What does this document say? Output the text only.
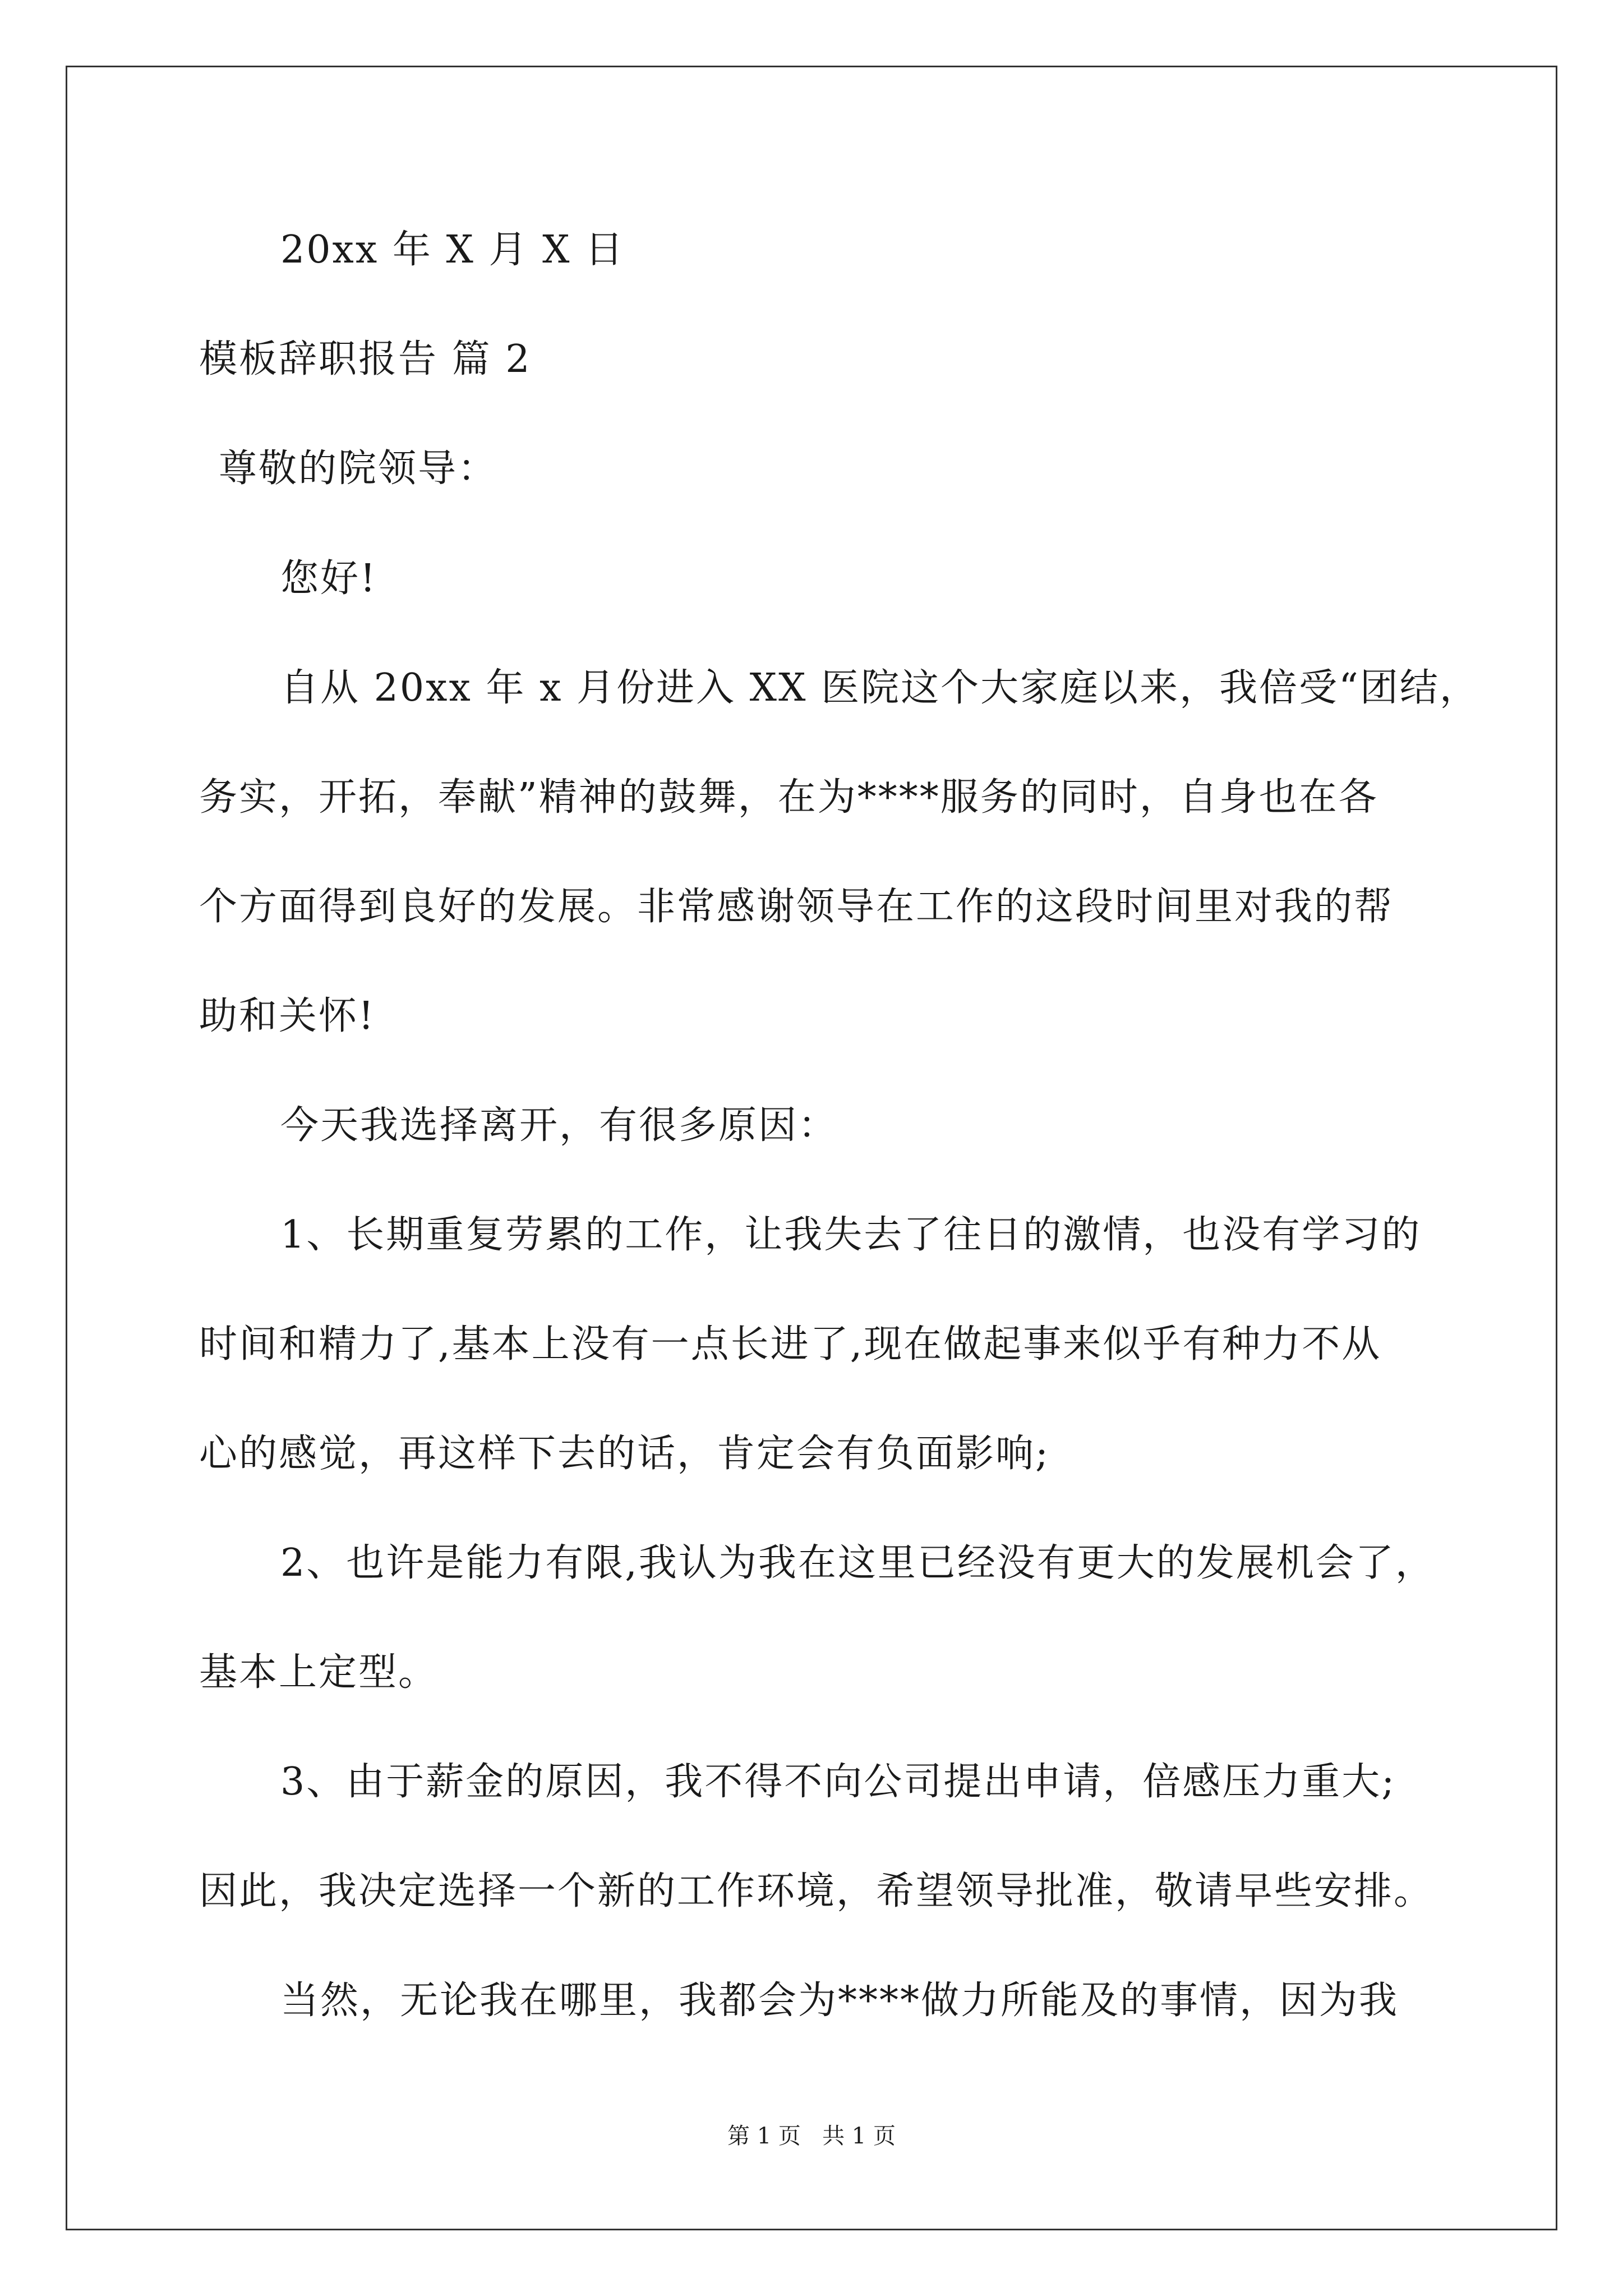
20xx 年 X 月 X 日
模板辞职报告 篇 2
尊敬的院领导：
您好!
自从 20xx 年 x 月份进入 XX 医院这个大家庭以来，我倍受“团结，
务实，开拓，奉献”精神的鼓舞，在为****服务的同时，自身也在各
个方面得到良好的发展。非常感谢领导在工作的这段时间里对我的帮
助和关怀!
今天我选择离开，有很多原因：
1、长期重复劳累的工作，让我失去了往日的激情，也没有学习的
时间和精力了,基本上没有一点长进了,现在做起事来似乎有种力不从
心的感觉，再这样下去的话，肯定会有负面影响;
2、也许是能力有限,我认为我在这里已经没有更大的发展机会了，
基本上定型。
3、由于薪金的原因，我不得不向公司提出申请，倍感压力重大;
因此，我决定选择一个新的工作环境，希望领导批准，敬请早些安排。
当然，无论我在哪里，我都会为****做力所能及的事情，因为我
第 1 页   共 1 页
